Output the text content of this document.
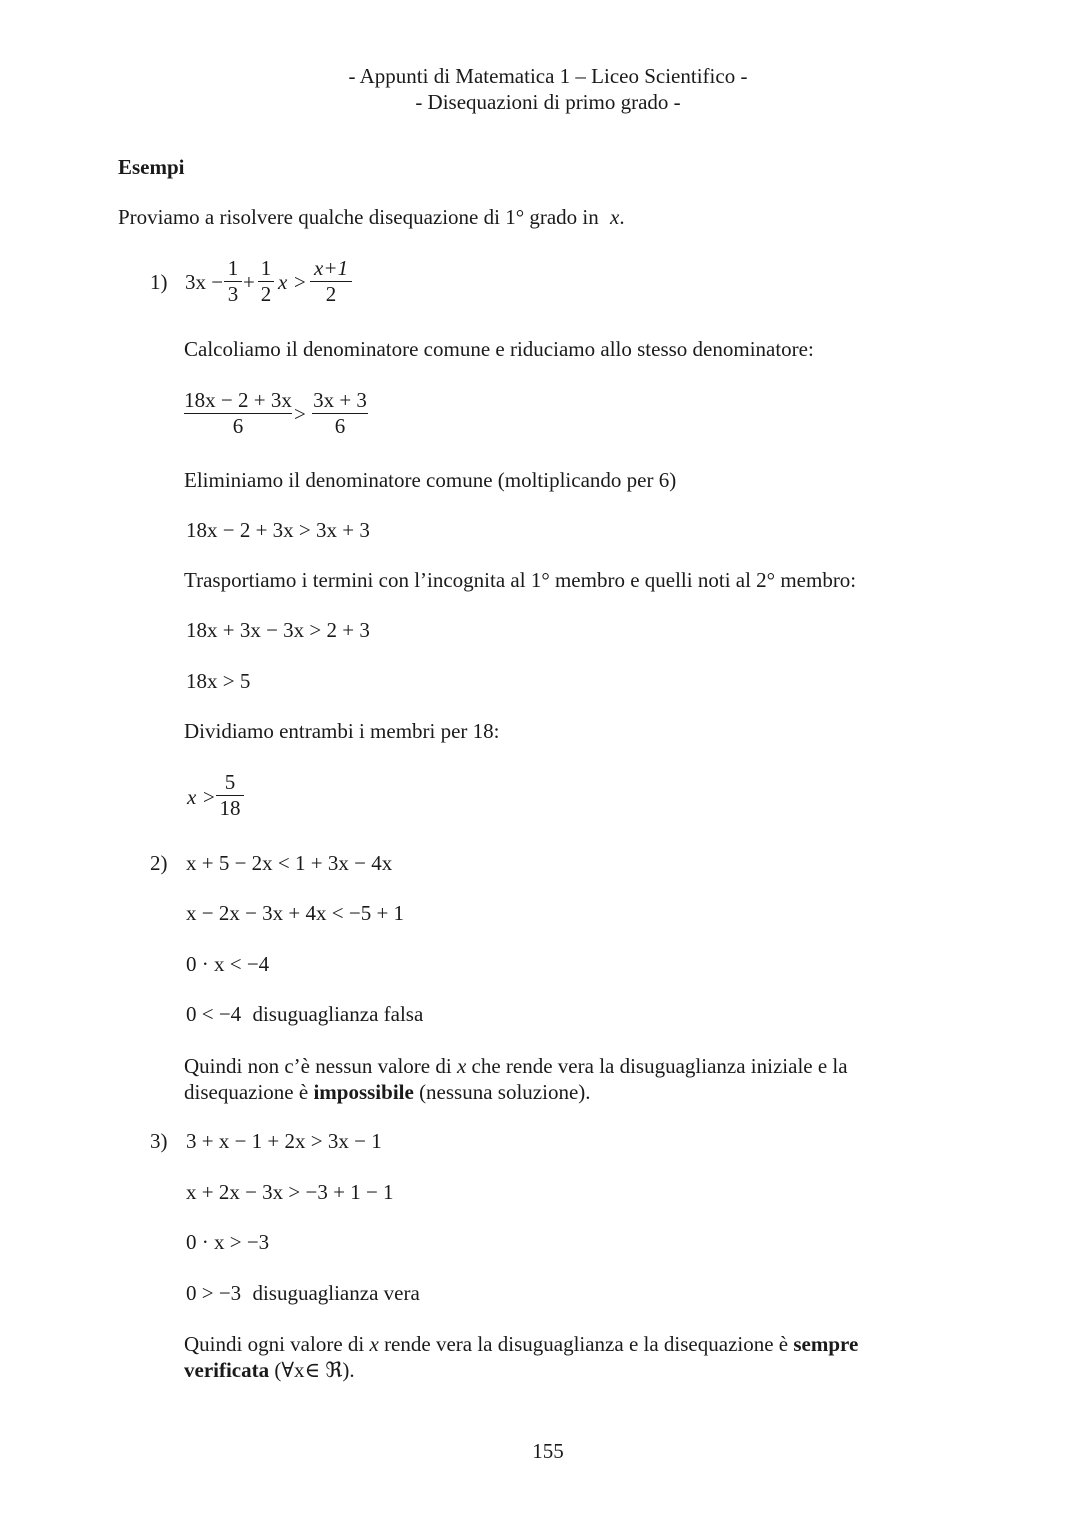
- Appunti di Matematica 1 – Liceo Scientifico -
- Disequazioni di primo grado -
Esempi
Proviamo a risolvere qualche disequazione di 1° grado in x.
1) 3x −
1
3 +
1
2 x >
x+1
2
Calcoliamo il denominatore comune e riduciamo allo stesso denominatore:
18x − 2 + 3x
6	>
3x + 3
6
Eliminiamo il denominatore comune (moltiplicando per 6)
18x − 2 + 3x > 3x + 3
Trasportiamo i termini con l’incognita al 1° membro e quelli noti al 2° membro:
18x + 3x − 3x > 2 + 3
18x > 5
Dividiamo entrambi i membri per 18:
x >
5
18
2) x + 5 − 2x < 1 + 3x − 4x
x − 2x − 3x + 4x < −5 + 1
0 · x < −4
0 < −4 disuguaglianza falsa
Quindi non c’è nessun valore di x che rende vera la disuguaglianza iniziale e la
disequazione è impossibile (nessuna soluzione).
3) 3 + x − 1 + 2x > 3x − 1
x + 2x − 3x > −3 + 1 − 1
0 · x > −3
0 > −3 disuguaglianza vera
Quindi ogni valore di x rende vera la disuguaglianza e la disequazione è sempre
verificata (∀x∈ ℜ).
155
